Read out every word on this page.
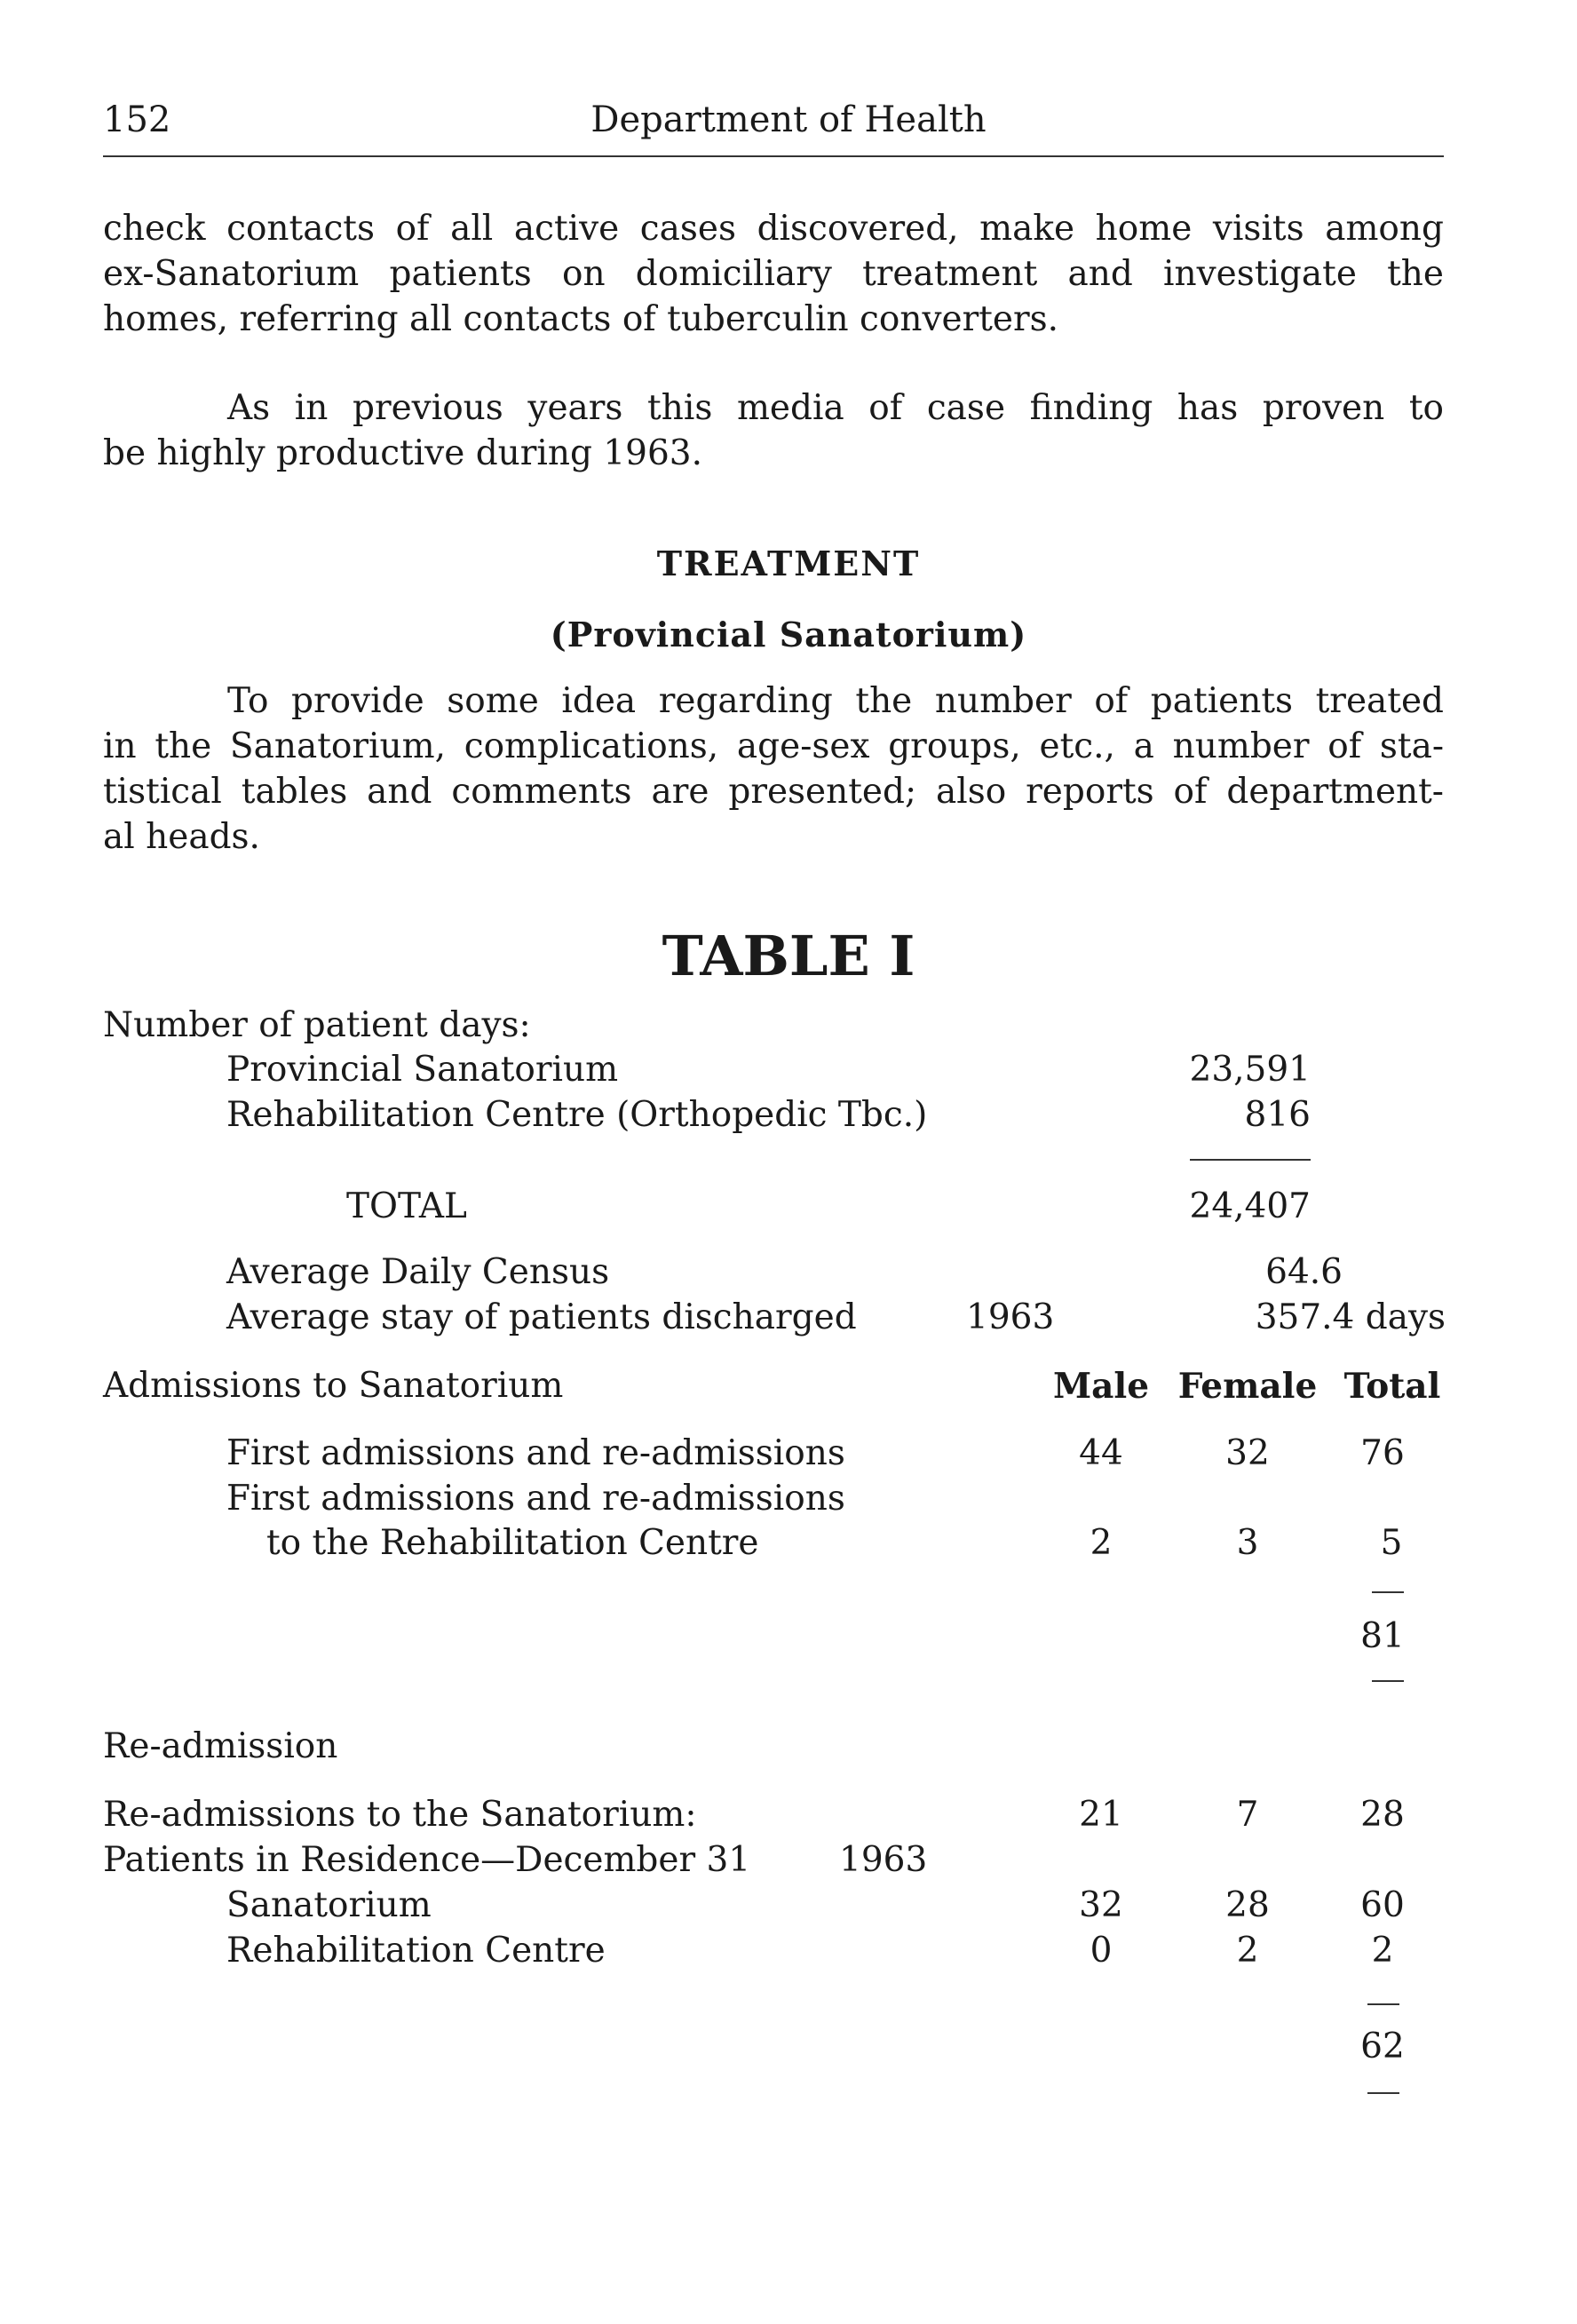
152	Department of Health
check contacts of all active cases discovered, make home visits among
ex-Sanatorium patients on domiciliary treatment and investigate the
homes, referring all contacts of tuberculin converters.
As in previous years this media of case finding has proven to
be highly productive during 1963.
TREATMENT
(Provincial Sanatorium)
To provide some idea regarding the number of patients treated
in the Sanatorium, complications, age-sex groups, etc., a number of sta-
tistical tables and comments are presented; also reports of department-
al heads.
TABLE I
Number of patient days:
Provincial Sanatorium	23,591
Rehabilitation Centre (Orthopedic Tbc.)	816
TOTAL	24,407
Average Daily Census	64.6
Average stay of patients discharged	1963	357.4 days
Admissions to Sanatorium	Male Female Total
First admissions and re-admissions	44	32	76
First admissions and re-admissions
to the Rehabilitation Centre	2	3	5
81
Re-admission
Re-admissions to the Sanatorium:	21	7	28
Patients in Residence—December 31	1963
Sanatorium	32	28	60
Rehabilitation Centre	0	2	2
62
